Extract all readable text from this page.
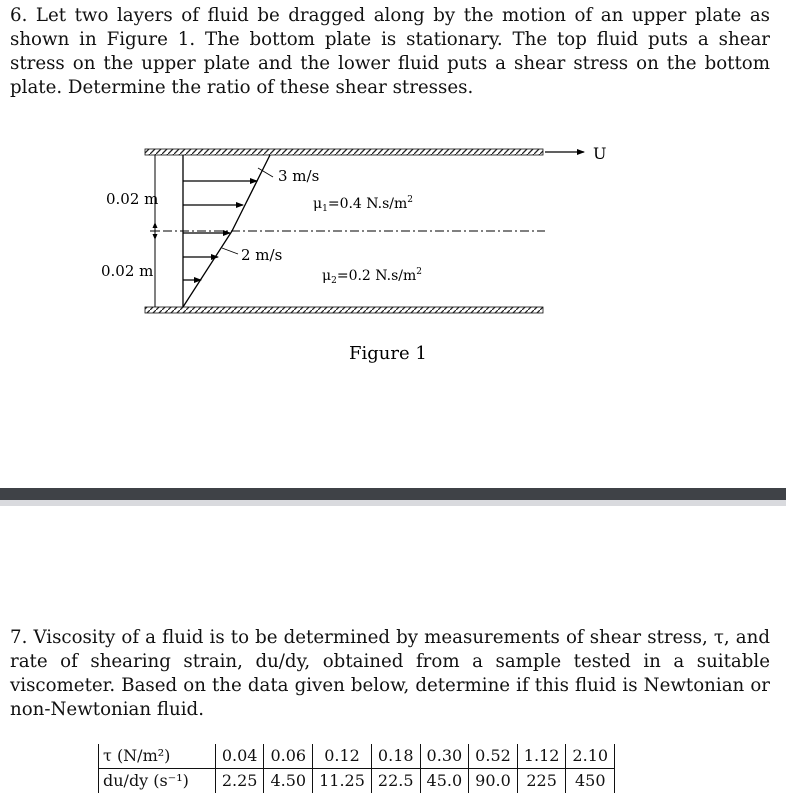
6. Let two layers of fluid be dragged along by the motion of an upper plate as shown in Figure 1. The bottom plate is stationary. The top fluid puts a shear stress on the upper plate and the lower fluid puts a shear stress on the bottom plate. Determine the ratio of these shear stresses.

U
0.02 m
0.02 m
3 m/s
2 m/s
$\mu_1=0.4$ $N.s/m^2$
$\mu_2=0.2$ $N.s/m^2$
Figure 1

7. Viscosity of a fluid is to be determined by measurements of shear stress, τ, and rate of shearing strain, du/dy, obtained from a sample tested in a suitable viscometer. Based on the data given below, determine if this fluid is Newtonian or non-Newtonian fluid.

τ (N/m²)	0.04	0.06	0.12	0.18	0.30	0.52	1.12	2.10
du/dy (s⁻¹)	2.25	4.50	11.25	22.5	45.0	90.0	225	450
